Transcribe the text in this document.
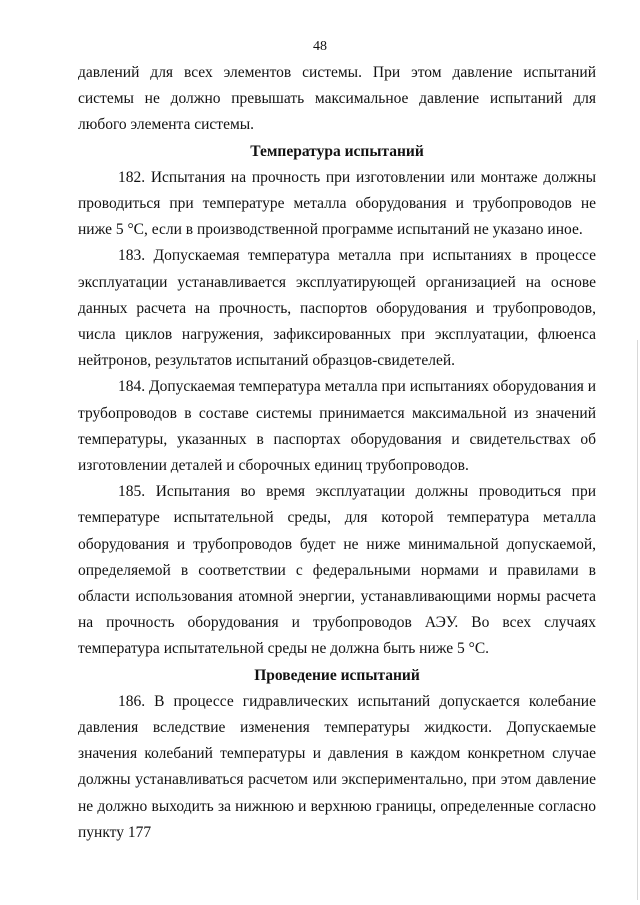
48

давлений для всех элементов системы. При этом давление испытаний системы не должно превышать максимальное давление испытаний для любого элемента системы.

Температура испытаний

182. Испытания на прочность при изготовлении или монтаже должны проводиться при температуре металла оборудования и трубопроводов не ниже 5 °С, если в производственной программе испытаний не указано иное.

183. Допускаемая температура металла при испытаниях в процессе эксплуатации устанавливается эксплуатирующей организацией на основе данных расчета на прочность, паспортов оборудования и трубопроводов, числа циклов нагружения, зафиксированных при эксплуатации, флюенса нейтронов, результатов испытаний образцов-свидетелей.

184. Допускаемая температура металла при испытаниях оборудования и трубопроводов в составе системы принимается максимальной из значений температуры, указанных в паспортах оборудования и свидетельствах об изготовлении деталей и сборочных единиц трубопроводов.

185. Испытания во время эксплуатации должны проводиться при температуре испытательной среды, для которой температура металла оборудования и трубопроводов будет не ниже минимальной допускаемой, определяемой в соответствии с федеральными нормами и правилами в области использования атомной энергии, устанавливающими нормы расчета на прочность оборудования и трубопроводов АЭУ. Во всех случаях температура испытательной среды не должна быть ниже 5 °С.

Проведение испытаний

186. В процессе гидравлических испытаний допускается колебание давления вследствие изменения температуры жидкости. Допускаемые значения колебаний температуры и давления в каждом конкретном случае должны устанавливаться расчетом или экспериментально, при этом давление не должно выходить за нижнюю и верхнюю границы, определенные согласно пункту 177
